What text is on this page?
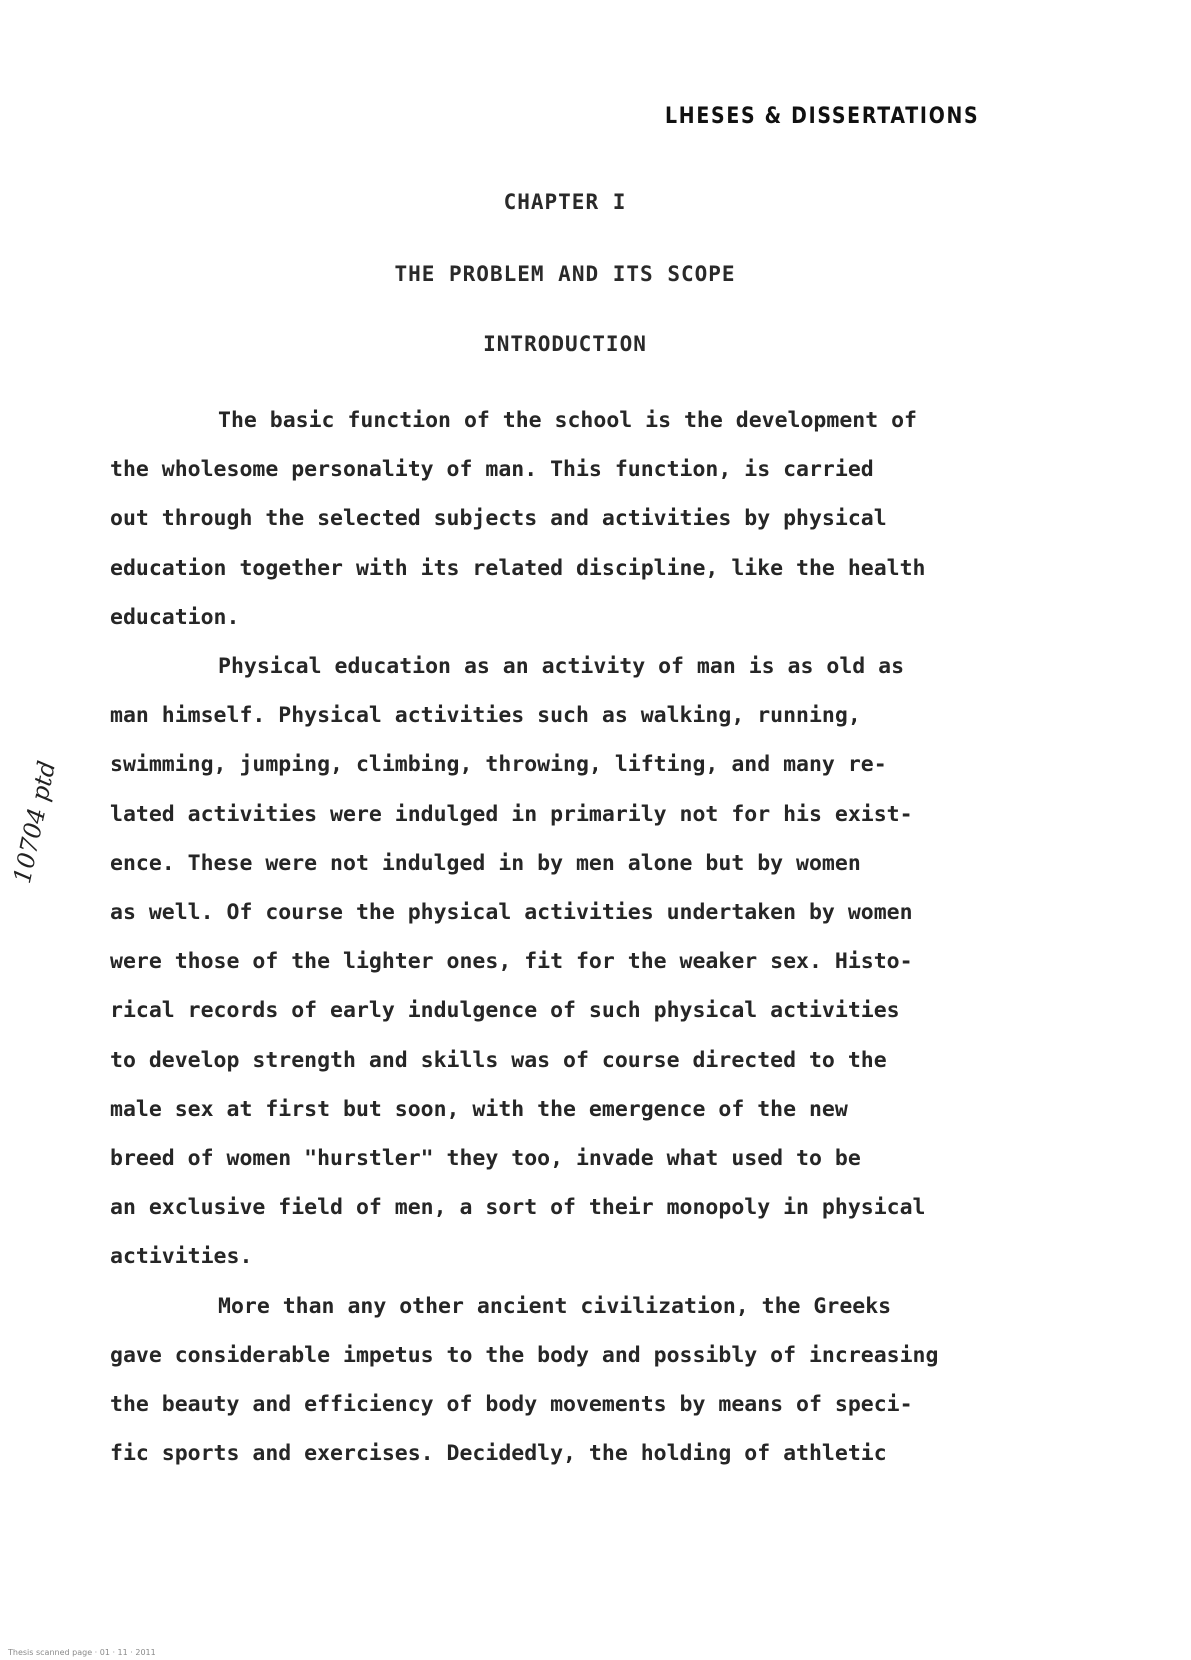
LHESES & DISSERTATIONS
CHAPTER I
THE PROBLEM AND ITS SCOPE
INTRODUCTION
The basic function of the school is the development of
the wholesome personality of man. This function, is carried
out through the selected subjects and activities by physical
education together with its related discipline, like the health
education.
Physical education as an activity of man is as old as
man himself. Physical activities such as walking, running,
swimming, jumping, climbing, throwing, lifting, and many re-
lated activities were indulged in primarily not for his exist-
ence. These were not indulged in by men alone but by women
as well. Of course the physical activities undertaken by women
were those of the lighter ones, fit for the weaker sex. Histo-
rical records of early indulgence of such physical activities
to develop strength and skills was of course directed to the
male sex at first but soon, with the emergence of the new
breed of women "hurstler" they too, invade what used to be
an exclusive field of men, a sort of their monopoly in physical
activities.
More than any other ancient civilization, the Greeks
gave considerable impetus to the body and possibly of increasing
the beauty and efficiency of body movements by means of speci-
fic sports and exercises. Decidedly, the holding of athletic
10704 ptd
Thesis scanned page · 01 · 11 · 2011
